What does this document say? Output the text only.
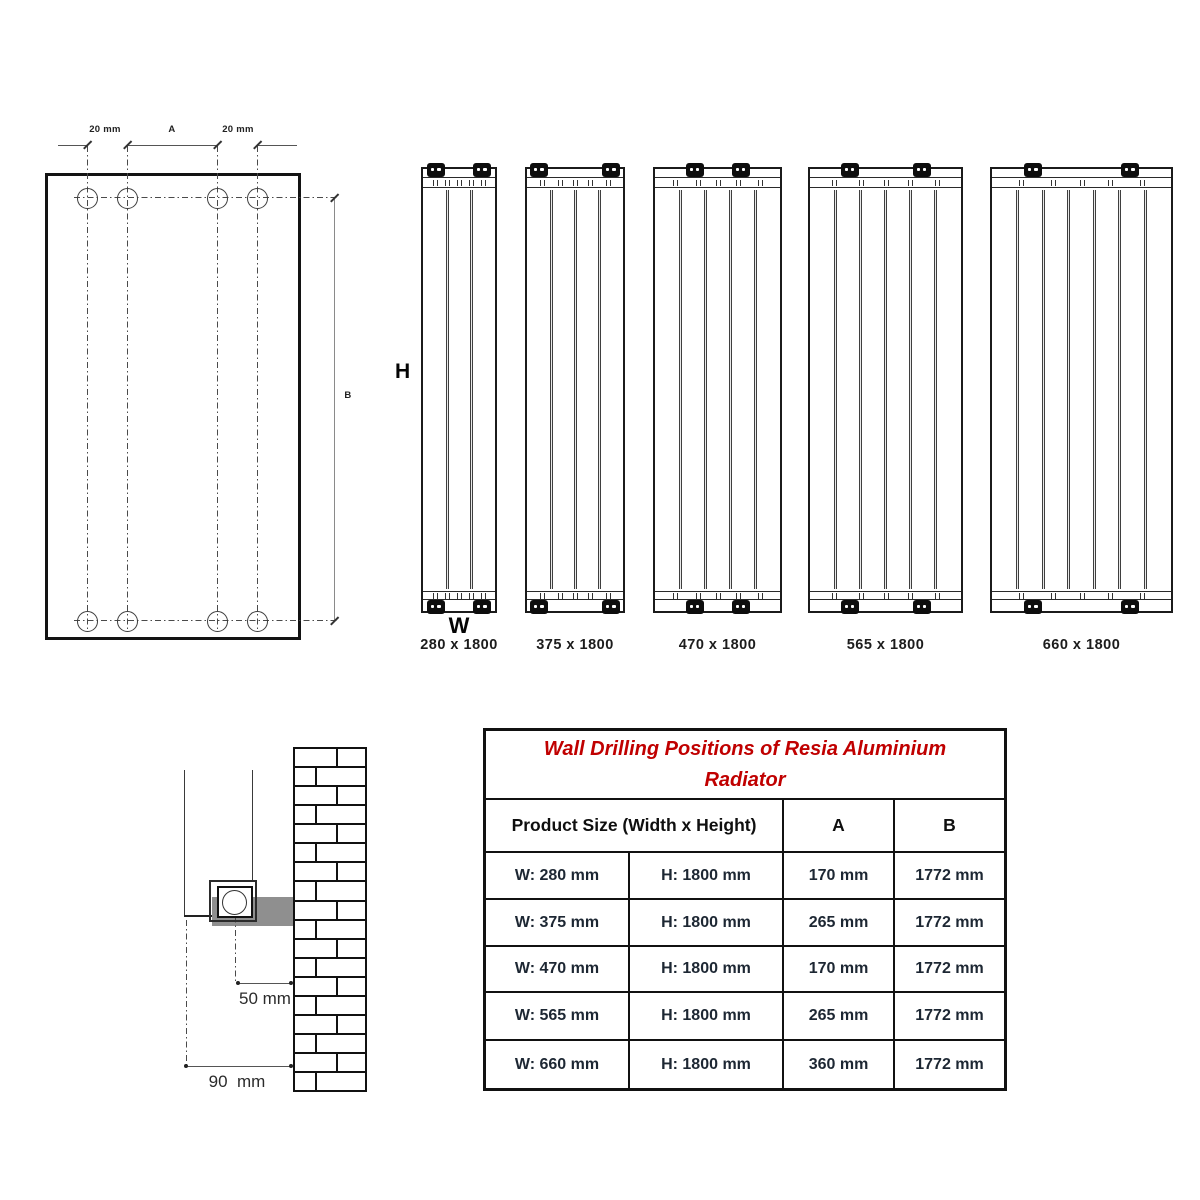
20 mm	A	20 mm
B
H
W
280 x 1800	375 x 1800	470 x 1800	565 x 1800	660 x 1800
50 mm
90  mm
Wall Drilling Positions of Resia Aluminium Radiator
Product Size (Width x Height)	A	B
W: 280 mm	H: 1800 mm	170 mm	1772 mm
W: 375 mm	H: 1800 mm	265 mm	1772 mm
W: 470 mm	H: 1800 mm	170 mm	1772 mm
W: 565 mm	H: 1800 mm	265 mm	1772 mm
W: 660 mm	H: 1800 mm	360 mm	1772 mm
